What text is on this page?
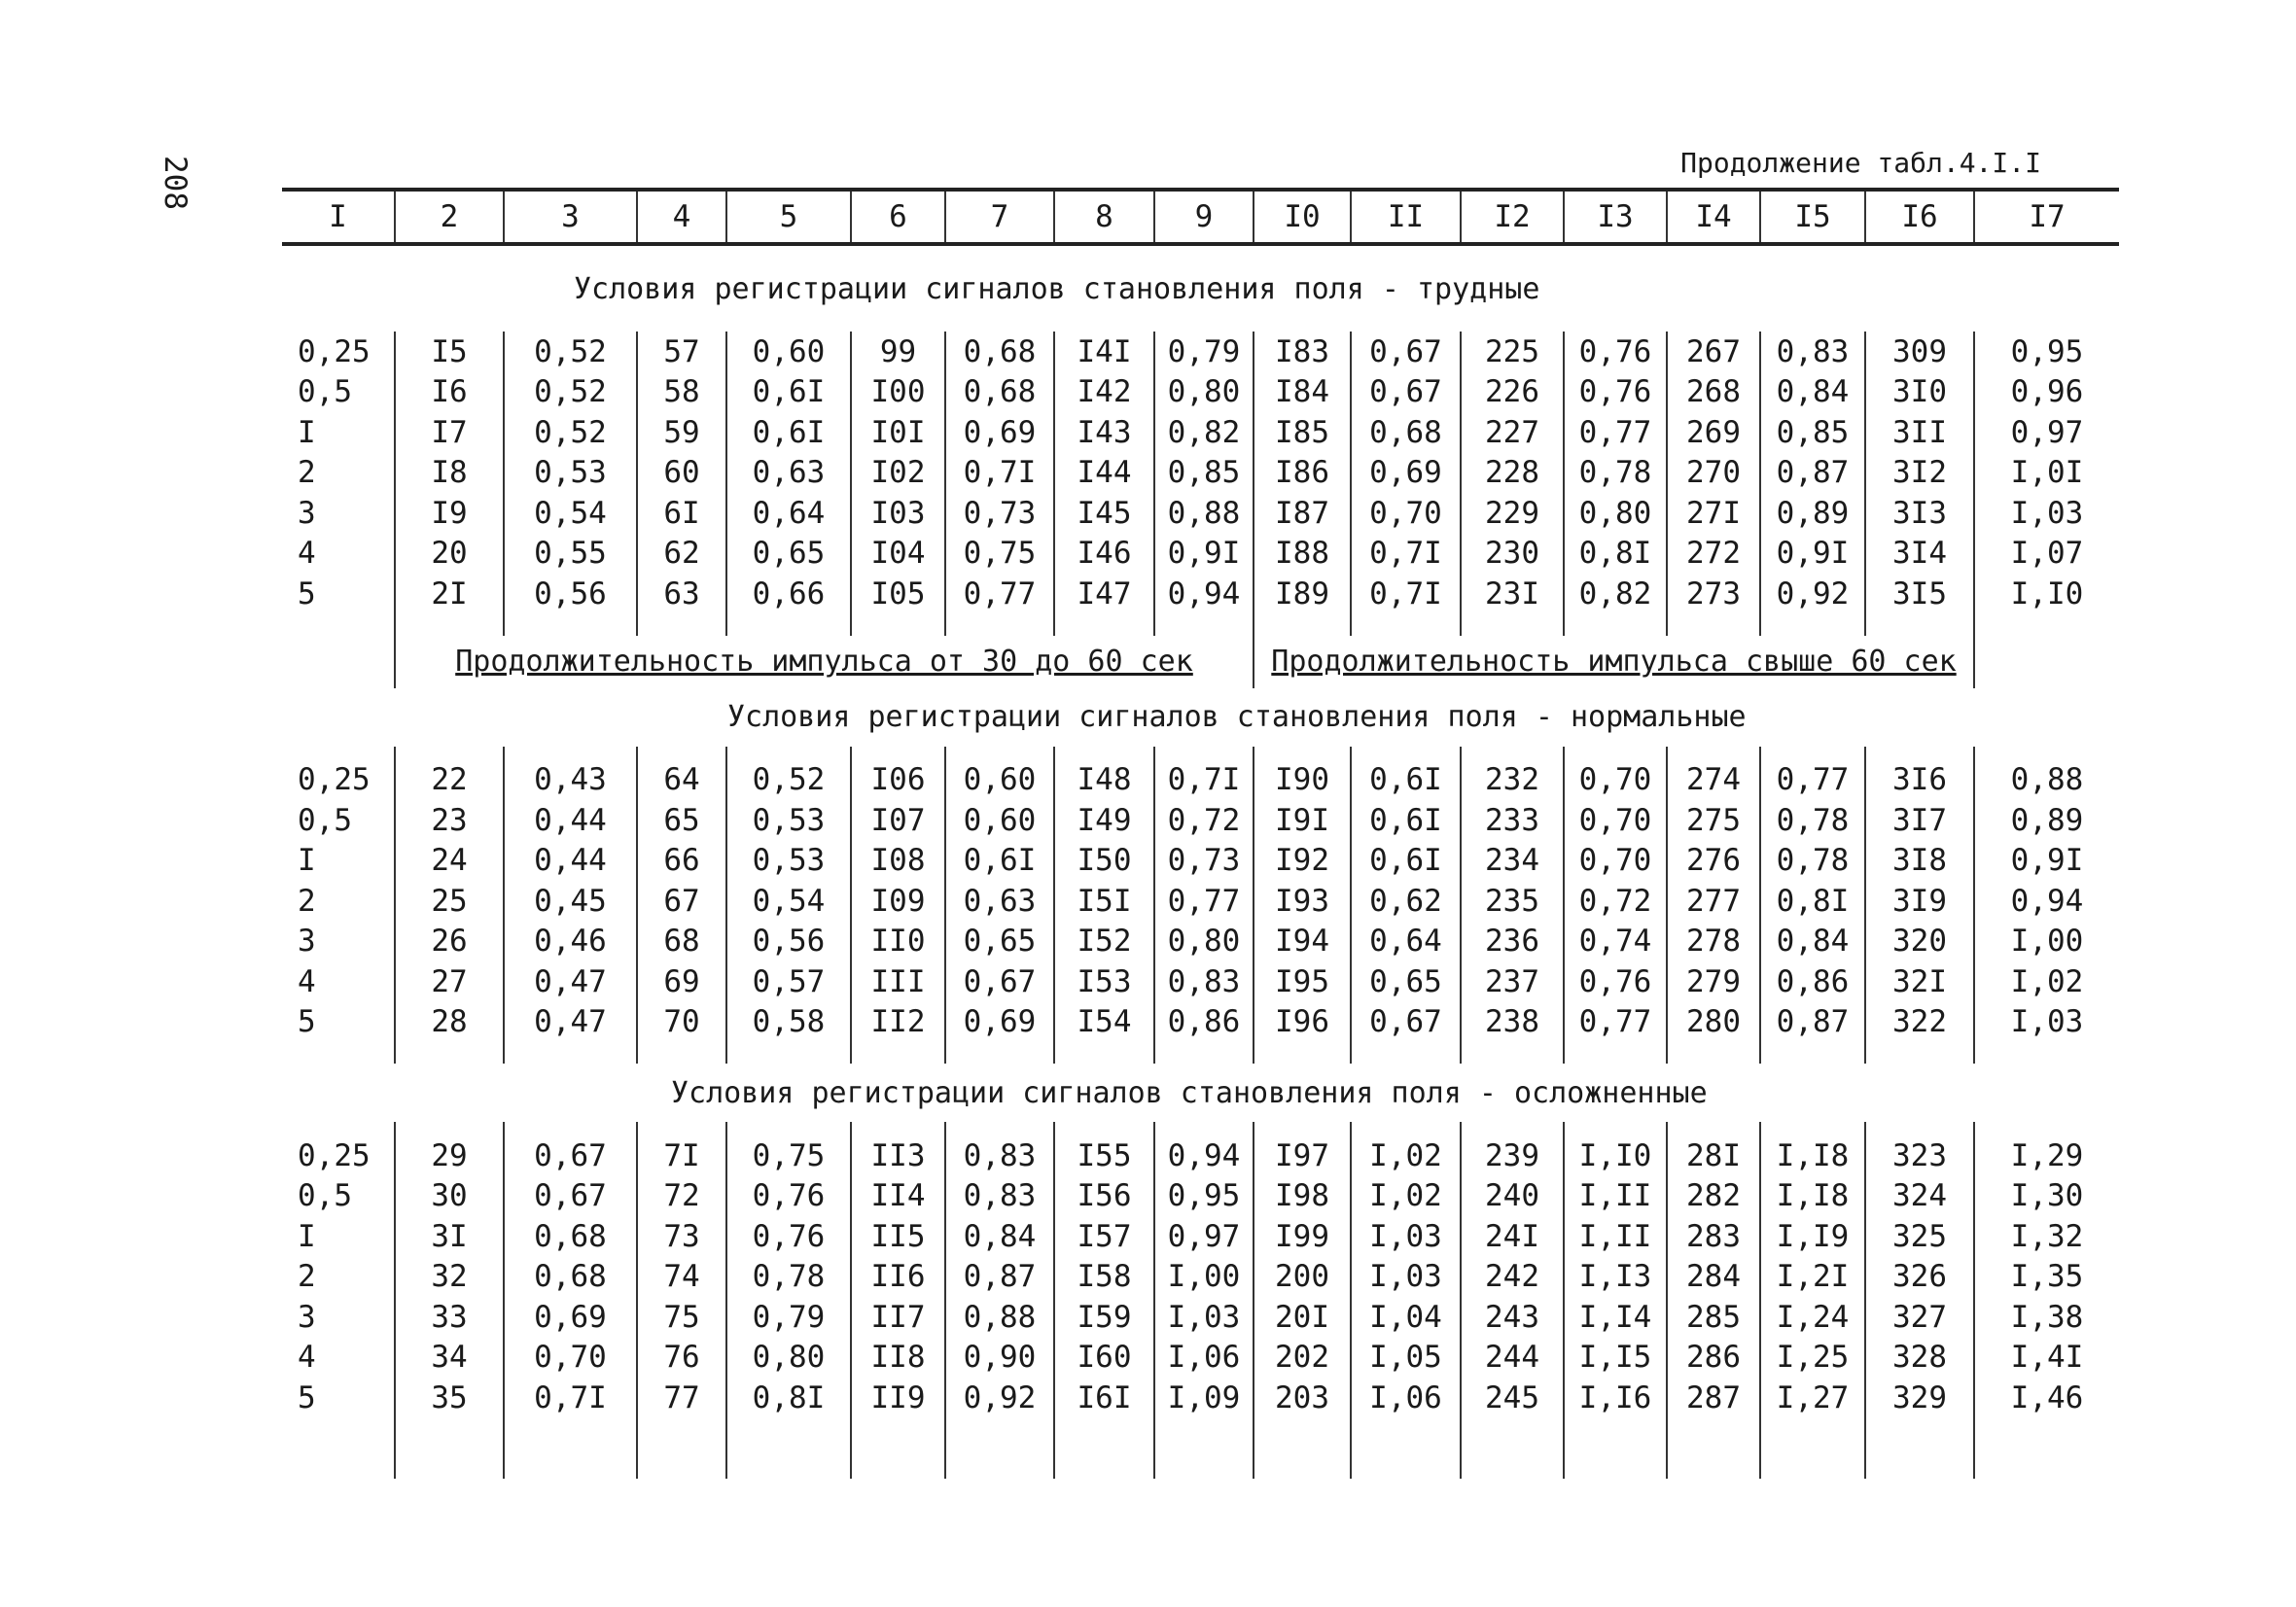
208	Продолжение табл.4.I.I
I	2	3	4	5	6	7	8	9	I0	II	I2	I3	I4	I5	I6	I7

Условия регистрации сигналов становления поля - трудные																

0,25	I5	0,52	57	0,60	99	0,68	I4I	0,79	I83	0,67	225	0,76	267	0,83	309	0,95
0,5	I6	0,52	58	0,6I	I00	0,68	I42	0,80	I84	0,67	226	0,76	268	0,84	3I0	0,96
I	I7	0,52	59	0,6I	I0I	0,69	I43	0,82	I85	0,68	227	0,77	269	0,85	3II	0,97
2	I8	0,53	60	0,63	I02	0,7I	I44	0,85	I86	0,69	228	0,78	270	0,87	3I2	I,0I
3	I9	0,54	6I	0,64	I03	0,73	I45	0,88	I87	0,70	229	0,80	27I	0,89	3I3	I,03
4	20	0,55	62	0,65	I04	0,75	I46	0,9I	I88	0,7I	230	0,8I	272	0,9I	3I4	I,07
5	2I	0,56	63	0,66	I05	0,77	I47	0,94	I89	0,7I	23I	0,82	273	0,92	3I5	I,I0

	Продолжительность импульса от 30 до 60 сек								Продолжительность импульса свыше 60 сек							
Условия регистрации сигналов становления поля - нормальные																

0,25	22	0,43	64	0,52	I06	0,60	I48	0,7I	I90	0,6I	232	0,70	274	0,77	3I6	0,88
0,5	23	0,44	65	0,53	I07	0,60	I49	0,72	I9I	0,6I	233	0,70	275	0,78	3I7	0,89
I	24	0,44	66	0,53	I08	0,6I	I50	0,73	I92	0,6I	234	0,70	276	0,78	3I8	0,9I
2	25	0,45	67	0,54	I09	0,63	I5I	0,77	I93	0,62	235	0,72	277	0,8I	3I9	0,94
3	26	0,46	68	0,56	II0	0,65	I52	0,80	I94	0,64	236	0,74	278	0,84	320	I,00
4	27	0,47	69	0,57	III	0,67	I53	0,83	I95	0,65	237	0,76	279	0,86	32I	I,02
5	28	0,47	70	0,58	II2	0,69	I54	0,86	I96	0,67	238	0,77	280	0,87	322	I,03

Условия регистрации сигналов становления поля - осложненные																

0,25	29	0,67	7I	0,75	II3	0,83	I55	0,94	I97	I,02	239	I,I0	28I	I,I8	323	I,29
0,5	30	0,67	72	0,76	II4	0,83	I56	0,95	I98	I,02	240	I,II	282	I,I8	324	I,30
I	3I	0,68	73	0,76	II5	0,84	I57	0,97	I99	I,03	24I	I,II	283	I,I9	325	I,32
2	32	0,68	74	0,78	II6	0,87	I58	I,00	200	I,03	242	I,I3	284	I,2I	326	I,35
3	33	0,69	75	0,79	II7	0,88	I59	I,03	20I	I,04	243	I,I4	285	I,24	327	I,38
4	34	0,70	76	0,80	II8	0,90	I60	I,06	202	I,05	244	I,I5	286	I,25	328	I,4I
5	35	0,7I	77	0,8I	II9	0,92	I6I	I,09	203	I,06	245	I,I6	287	I,27	329	I,46
